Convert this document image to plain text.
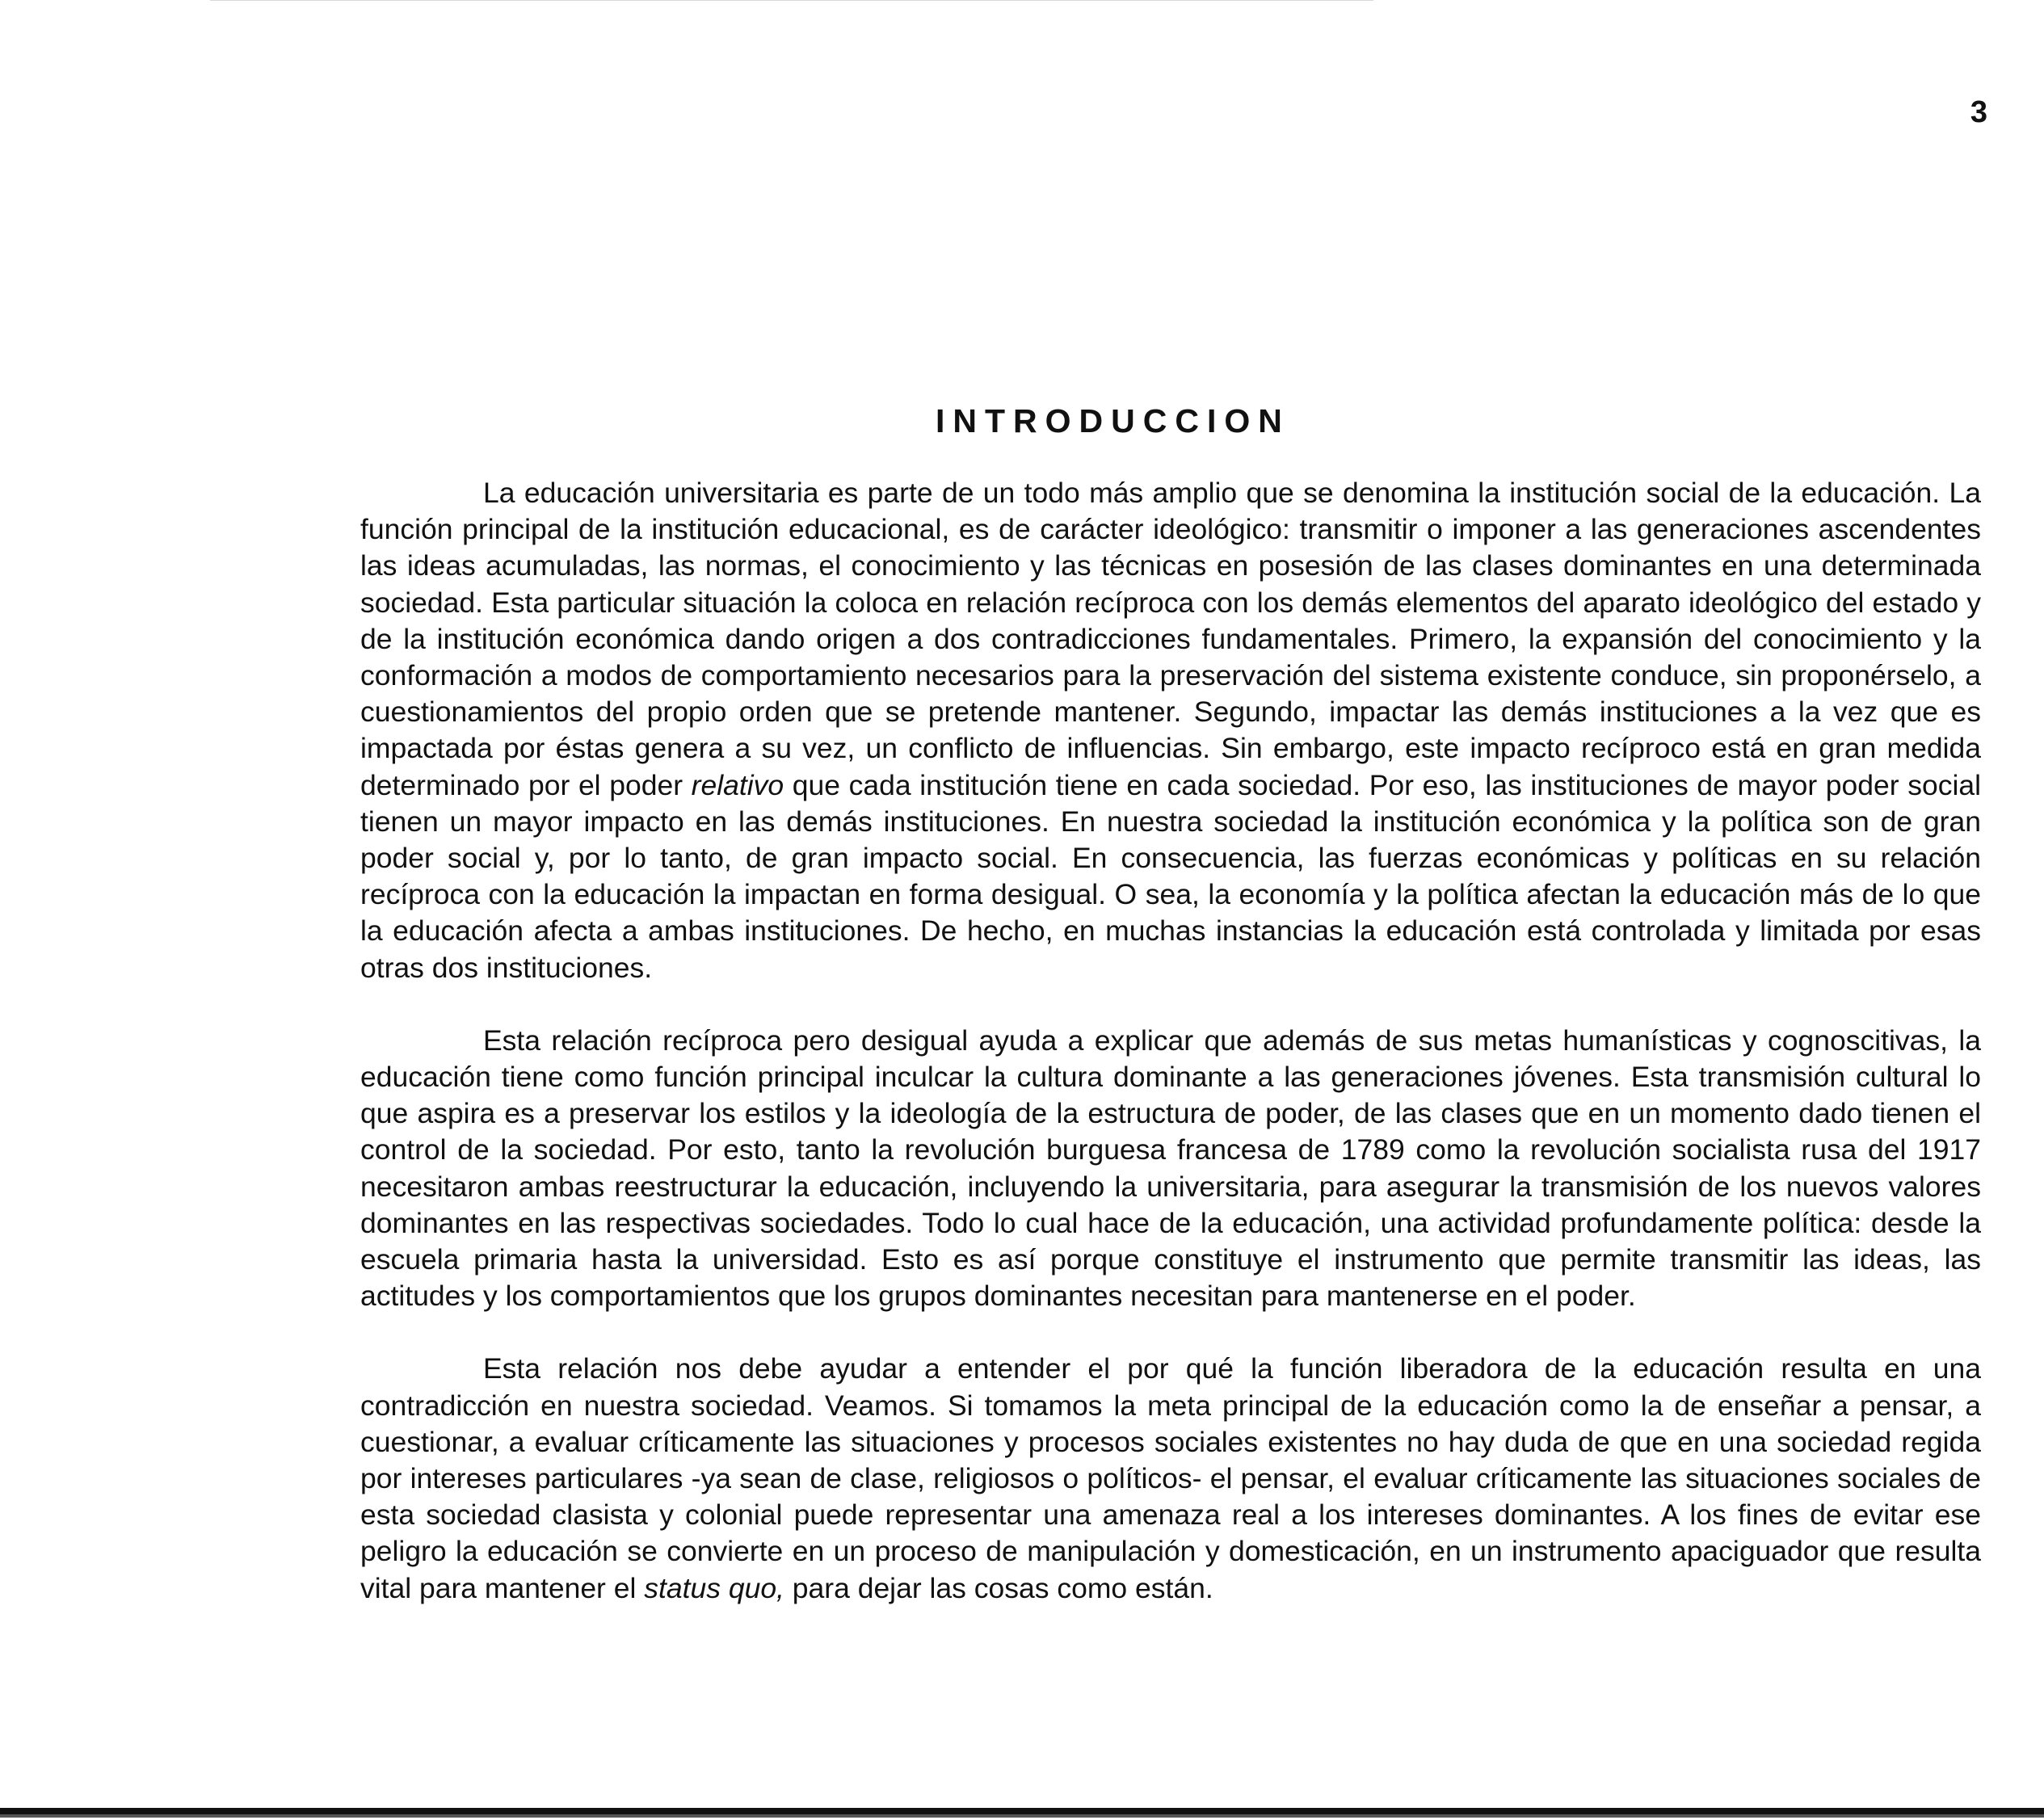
3
INTRODUCCION

La educación universitaria es parte de un todo más amplio que se denomina la institución social de la educación. La función principal de la institución educacional, es de carácter ideológico: transmitir o imponer a las generaciones ascendentes las ideas acumuladas, las normas, el conocimiento y las técnicas en posesión de las clases dominantes en una determinada sociedad. Esta particular situación la coloca en relación recíproca con los demás elementos del aparato ideológico del estado y de la institución económica dando origen a dos contradicciones fundamentales. Primero, la expansión del conocimiento y la conformación a modos de comportamiento necesarios para la preservación del sistema existente conduce, sin proponérselo, a cuestionamientos del propio orden que se pretende mantener. Segundo, impactar las demás instituciones a la vez que es impactada por éstas genera a su vez, un conflicto de influencias. Sin embargo, este impacto recíproco está en gran medida determinado por el poder relativo que cada institución tiene en cada sociedad. Por eso, las instituciones de mayor poder social tienen un mayor impacto en las demás instituciones. En nuestra sociedad la institución económica y la política son de gran poder social y, por lo tanto, de gran impacto social. En consecuencia, las fuerzas económicas y políticas en su relación recíproca con la educación la impactan en forma desigual. O sea, la economía y la política afectan la educación más de lo que la educación afecta a ambas instituciones. De hecho, en muchas instancias la educación está controlada y limitada por esas otras dos instituciones.

Esta relación recíproca pero desigual ayuda a explicar que además de sus metas humanísticas y cognoscitivas, la educación tiene como función principal inculcar la cultura dominante a las generaciones jóvenes. Esta transmisión cultural lo que aspira es a preservar los estilos y la ideología de la estructura de poder, de las clases que en un momento dado tienen el control de la sociedad. Por esto, tanto la revolución burguesa francesa de 1789 como la revolución socialista rusa del 1917 necesitaron ambas reestructurar la educación, incluyendo la universitaria, para asegurar la transmisión de los nuevos valores dominantes en las respectivas sociedades. Todo lo cual hace de la educación, una actividad profundamente política: desde la escuela primaria hasta la universidad. Esto es así porque constituye el instrumento que permite transmitir las ideas, las actitudes y los comportamientos que los grupos dominantes necesitan para mantenerse en el poder.

Esta relación nos debe ayudar a entender el por qué la función liberadora de la educación resulta en una contradicción en nuestra sociedad. Veamos. Si tomamos la meta principal de la educación como la de enseñar a pensar, a cuestionar, a evaluar críticamente las situaciones y procesos sociales existentes no hay duda de que en una sociedad regida por intereses particulares -ya sean de clase, religiosos o políticos- el pensar, el evaluar críticamente las situaciones sociales de esta sociedad clasista y colonial puede representar una amenaza real a los intereses dominantes. A los fines de evitar ese peligro la educación se convierte en un proceso de manipulación y domesticación, en un instrumento apaciguador que resulta vital para mantener el status quo, para dejar las cosas como están.
